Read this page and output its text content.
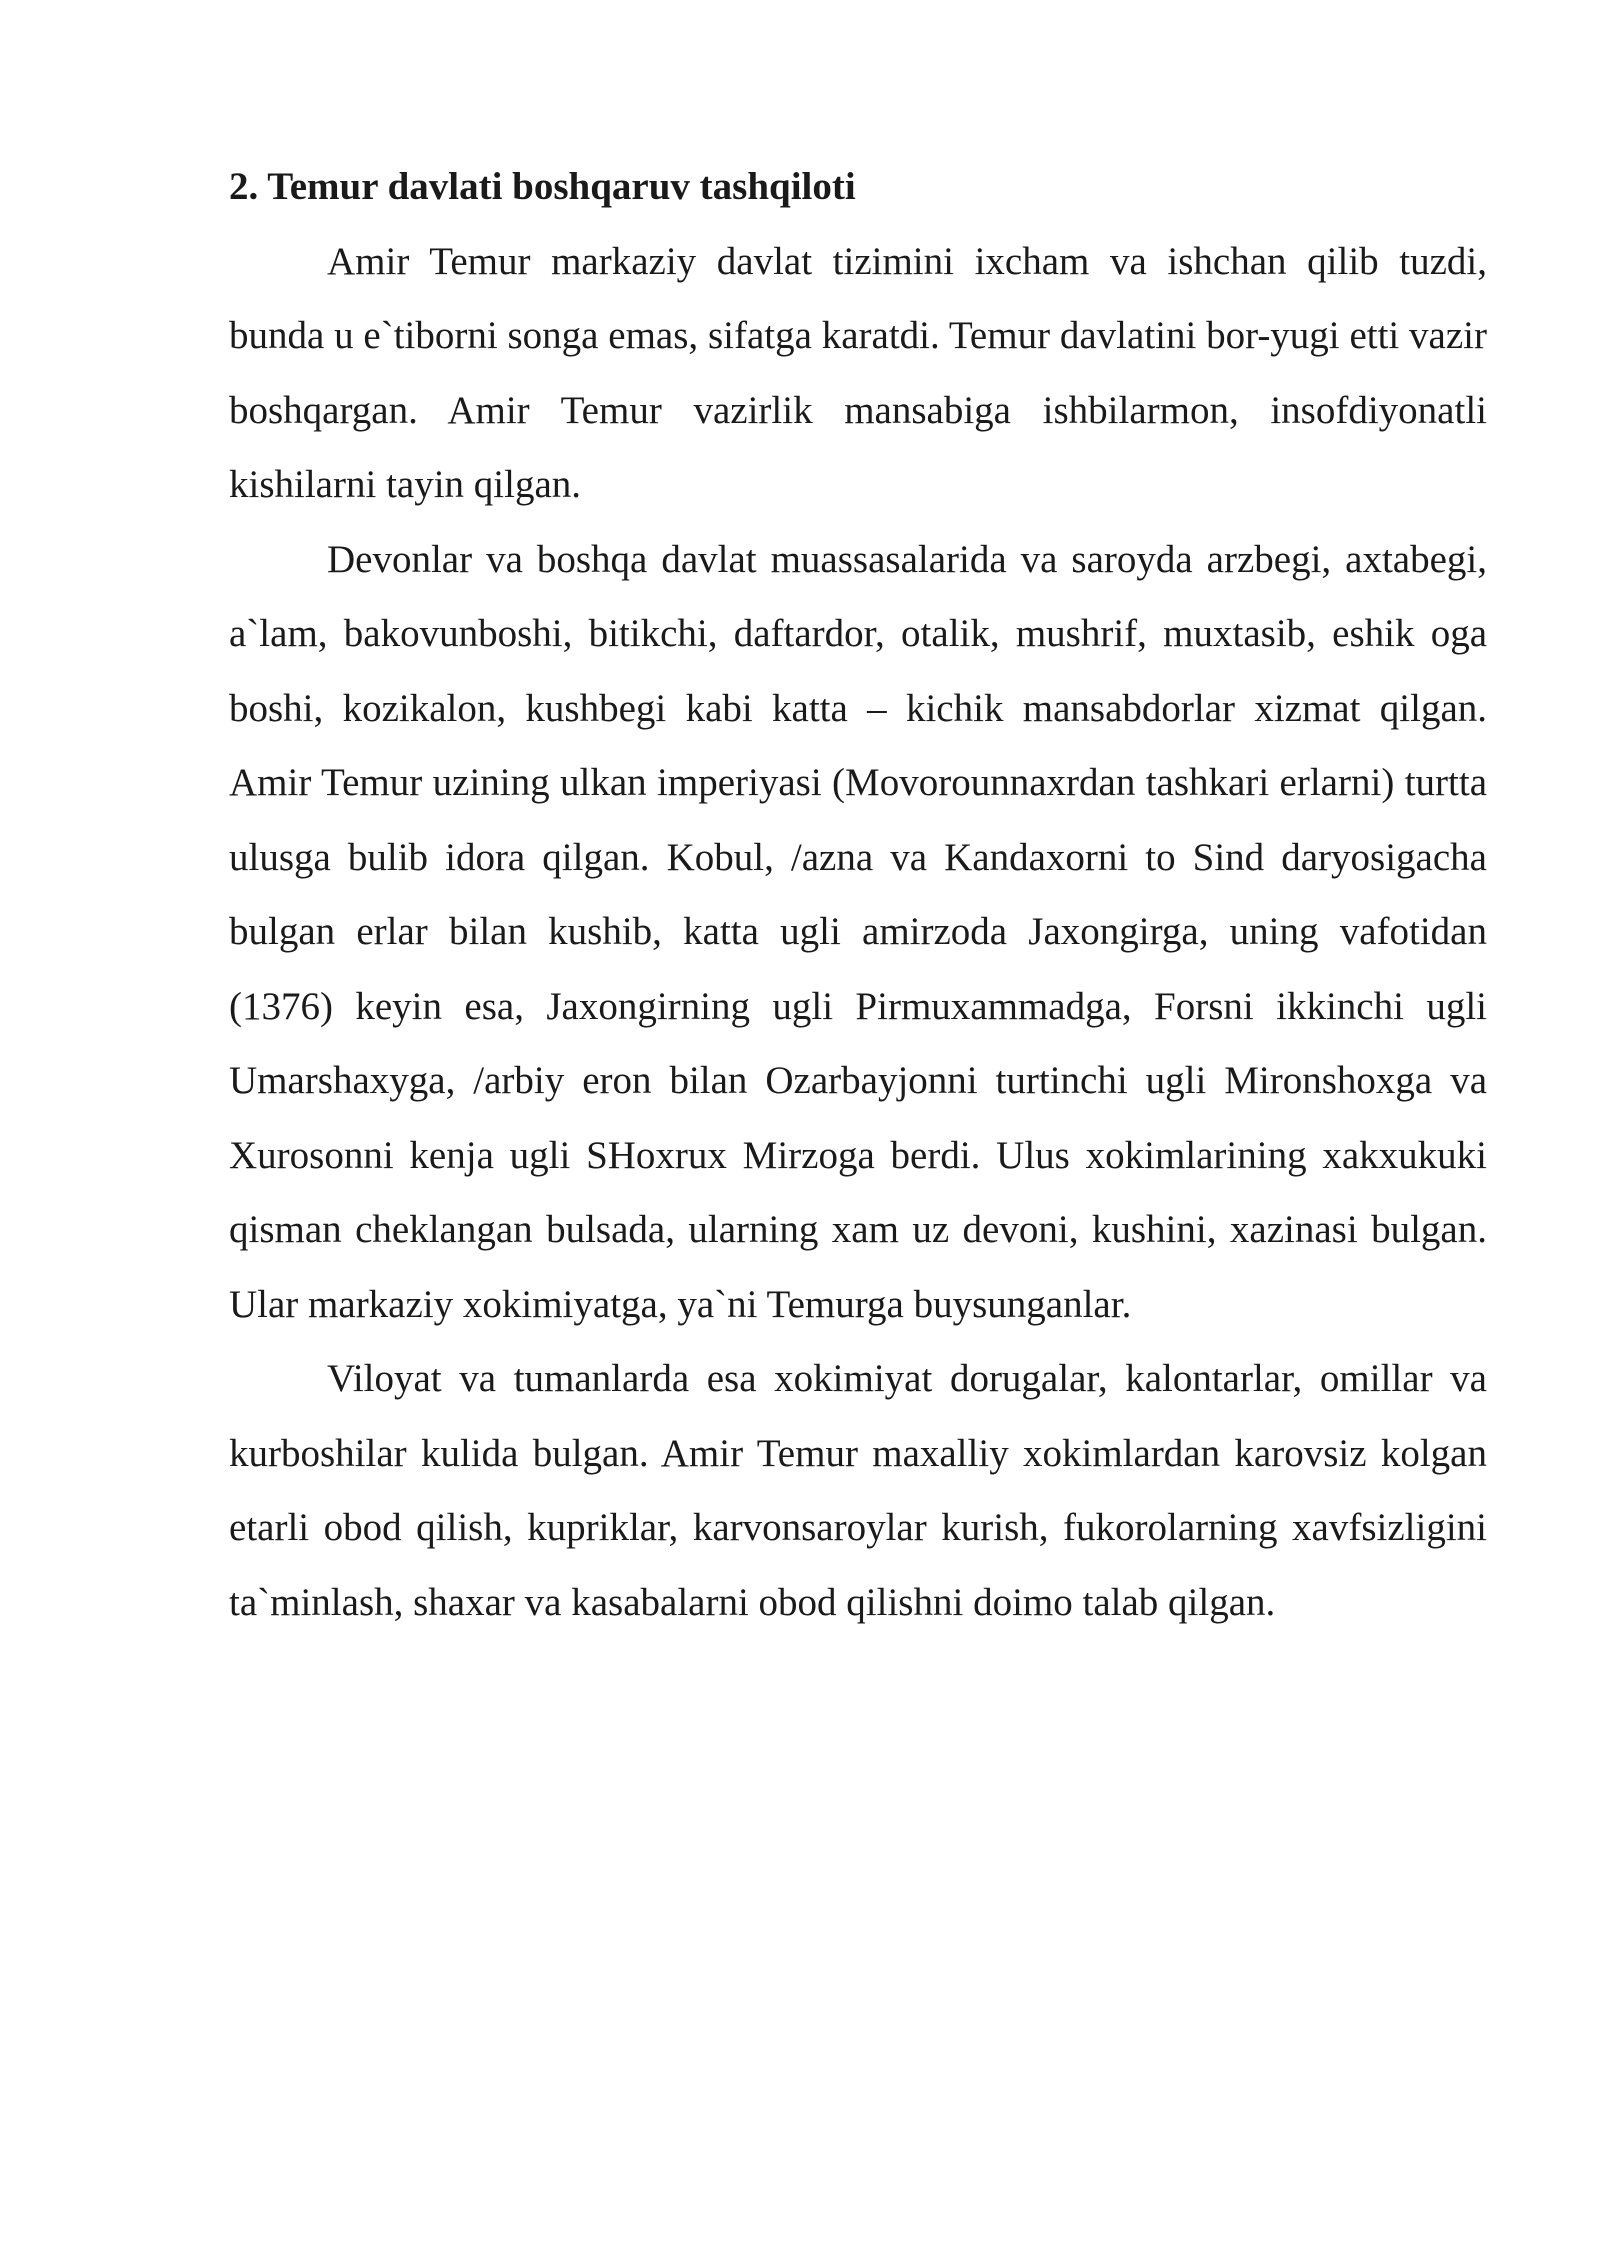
2. Temur davlati boshqaruv tashqiloti

Amir Temur markaziy davlat tizimini ixcham va ishchan qilib tuzdi, bunda u e`tiborni songa emas, sifatga karatdi. Temur davlatini bor-yugi etti vazir boshqargan. Amir Temur vazirlik mansabiga ishbilarmon, insofdiyonatli kishilarni tayin qilgan.

Devonlar va boshqa davlat muassasalarida va saroyda arzbegi, axtabegi, a`lam, bakovunboshi, bitikchi, daftardor, otalik, mushrif, muxtasib, eshik oga boshi, kozikalon, kushbegi kabi katta – kichik mansabdorlar xizmat qilgan. Amir Temur uzining ulkan imperiyasi (Movorounnaxrdan tashkari erlarni) turtta ulusga bulib idora qilgan. Kobul, /azna va Kandaxorni to Sind daryosigacha bulgan erlar bilan kushib, katta ugli amirzoda Jaxongirga, uning vafotidan (1376) keyin esa, Jaxongirning ugli Pirmuxammadga, Forsni ikkinchi ugli Umarshaxyga, /arbiy eron bilan Ozarbayjonni turtinchi ugli Mironshoxga va Xurosonni kenja ugli SHoxrux Mirzoga berdi. Ulus xokimlarining xakxukuki qisman cheklangan bulsada, ularning xam uz devoni, kushini, xazinasi bulgan. Ular markaziy xokimiyatga, ya`ni Temurga buysunganlar.

Viloyat va tumanlarda esa xokimiyat dorugalar, kalontarlar, omillar va kurboshilar kulida bulgan. Amir Temur maxalliy xokimlardan karovsiz kolgan etarli obod qilish, kupriklar, karvonsaroylar kurish, fukorolarning xavfsizligini ta`minlash, shaxar va kasabalarni obod qilishni doimo talab qilgan.
